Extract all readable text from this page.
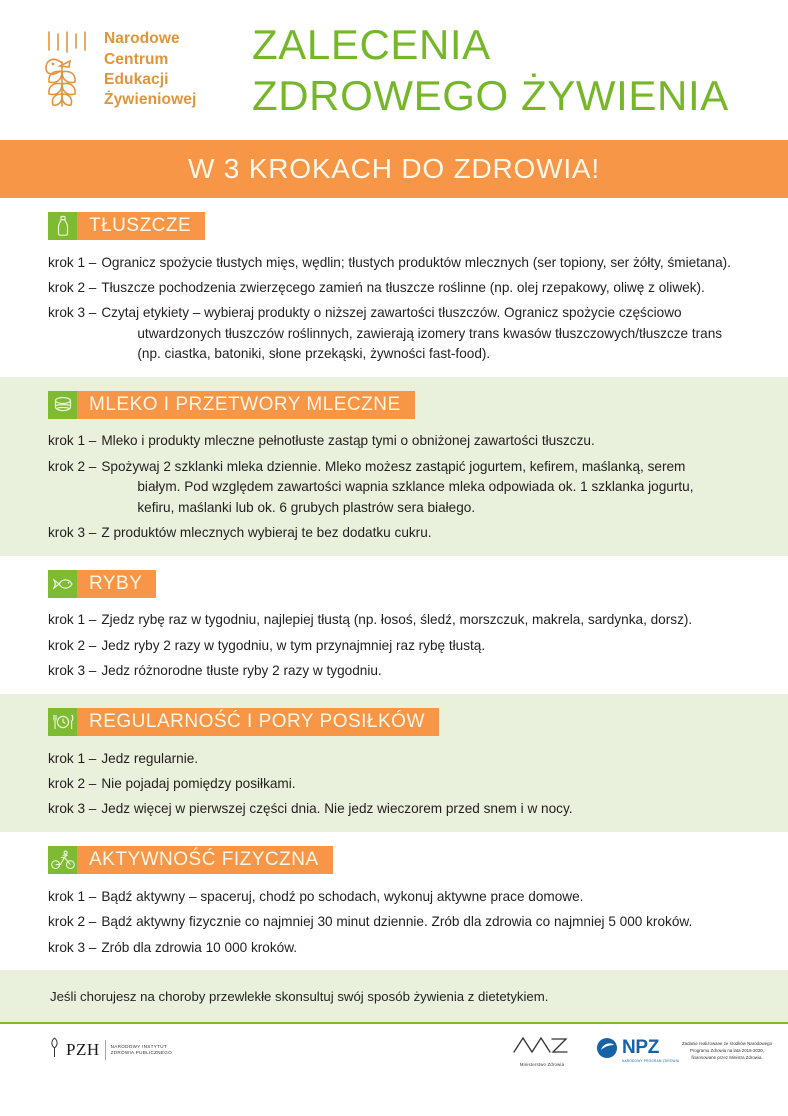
Narodowe
Centrum
Edukacji
Żywieniowej
ZALECENIA
ZDROWEGO ŻYWIENIA
W 3 KROKACH DO ZDROWIA!
TŁUSZCZE
krok 1 – Ogranicz spożycie tłustych mięs, wędlin; tłustych produktów mlecznych (ser topiony, ser żółty, śmietana).
krok 2 – Tłuszcze pochodzenia zwierzęcego zamień na tłuszcze roślinne (np. olej rzepakowy, oliwę z oliwek).
krok 3 – Czytaj etykiety – wybieraj produkty o niższej zawartości tłuszczów. Ogranicz spożycie częściowo
utwardzonych tłuszczów roślinnych, zawierają izomery trans kwasów tłuszczowych/tłuszcze trans
(np. ciastka, batoniki, słone przekąski, żywności fast-food).
MLEKO I PRZETWORY MLECZNE
krok 1 – Mleko i produkty mleczne pełnotłuste zastąp tymi o obniżonej zawartości tłuszczu.
krok 2 – Spożywaj 2 szklanki mleka dziennie. Mleko możesz zastąpić jogurtem, kefirem, maślanką, serem
białym. Pod względem zawartości wapnia szklance mleka odpowiada ok. 1 szklanka jogurtu,
kefiru, maślanki lub ok. 6 grubych plastrów sera białego.
krok 3 – Z produktów mlecznych wybieraj te bez dodatku cukru.
RYBY
krok 1 – Zjedz rybę raz w tygodniu, najlepiej tłustą (np. łosoś, śledź, morszczuk, makrela, sardynka, dorsz).
krok 2 – Jedz ryby 2 razy w tygodniu, w tym przynajmniej raz rybę tłustą.
krok 3 – Jedz różnorodne tłuste ryby 2 razy w tygodniu.
REGULARNOŚĆ I PORY POSIŁKÓW
krok 1 – Jedz regularnie.
krok 2 – Nie pojadaj pomiędzy posiłkami.
krok 3 – Jedz więcej w pierwszej części dnia. Nie jedz wieczorem przed snem i w nocy.
AKTYWNOŚĆ FIZYCZNA
krok 1 – Bądź aktywny – spaceruj, chodź po schodach, wykonuj aktywne prace domowe.
krok 2 – Bądź aktywny fizycznie co najmniej 30 minut dziennie. Zrób dla zdrowia co najmniej 5 000 kroków.
krok 3 – Zrób dla zdrowia 10 000 kroków.
Jeśli chorujesz na choroby przewlekłe skonsultuj swój sposób żywienia z dietetykiem.
PZH	NARODOWY INSTYTUT
ZDROWIA PUBLICZNEGO
Ministerstwo Zdrowia
NPZ
NARODOWY PROGRAM ZDROWIA
Zadanie realizowane ze środków Narodowego
Programu Zdrowia na lata 2016-2020,
finansowane przez Ministra Zdrowia.
